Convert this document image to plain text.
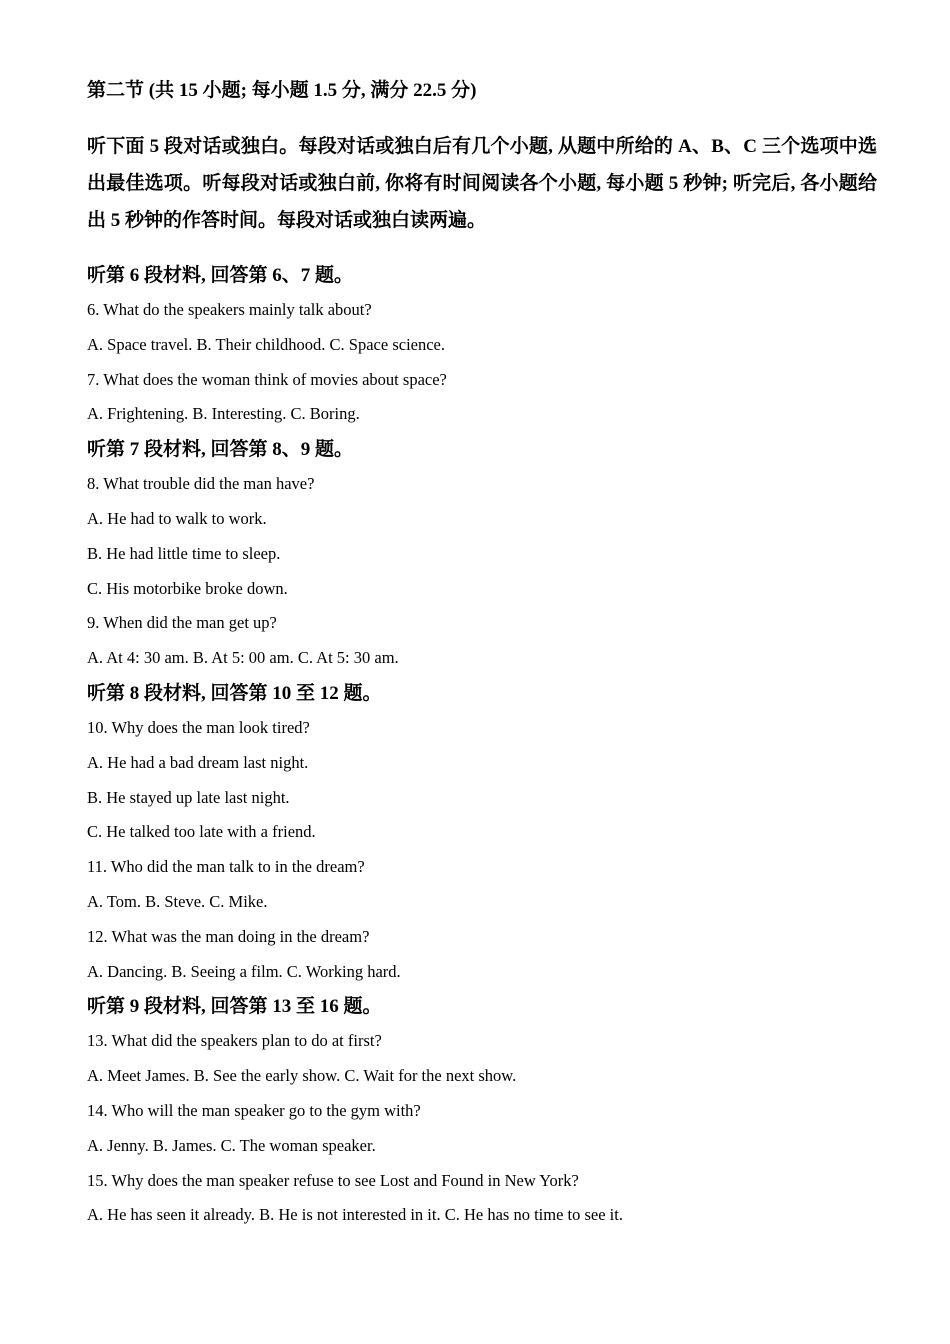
第二节 (共 15 小题; 每小题 1.5 分, 满分 22.5 分)

听下面 5 段对话或独白。每段对话或独白后有几个小题, 从题中所给的 A、B、C 三个选项中选出最佳选项。听每段对话或独白前, 你将有时间阅读各个小题, 每小题 5 秒钟; 听完后, 各小题给出 5 秒钟的作答时间。每段对话或独白读两遍。

听第 6 段材料, 回答第 6、7 题。

6. What do the speakers mainly talk about?

A. Space travel. B. Their childhood. C. Space science.

7. What does the woman think of movies about space?

A. Frightening. B. Interesting. C. Boring.

听第 7 段材料, 回答第 8、9 题。

8. What trouble did the man have?

A. He had to walk to work.

B. He had little time to sleep.

C. His motorbike broke down.

9. When did the man get up?

A. At 4: 30 am. B. At 5: 00 am. C. At 5: 30 am.

听第 8 段材料, 回答第 10 至 12 题。

10. Why does the man look tired?

A. He had a bad dream last night.

B. He stayed up late last night.

C. He talked too late with a friend.

11. Who did the man talk to in the dream?

A. Tom. B. Steve. C. Mike.

12. What was the man doing in the dream?

A. Dancing. B. Seeing a film. C. Working hard.

听第 9 段材料, 回答第 13 至 16 题。

13. What did the speakers plan to do at first?

A. Meet James. B. See the early show. C. Wait for the next show.

14. Who will the man speaker go to the gym with?

A. Jenny. B. James. C. The woman speaker.

15. Why does the man speaker refuse to see Lost and Found in New York?

A. He has seen it already. B. He is not interested in it. C. He has no time to see it.
